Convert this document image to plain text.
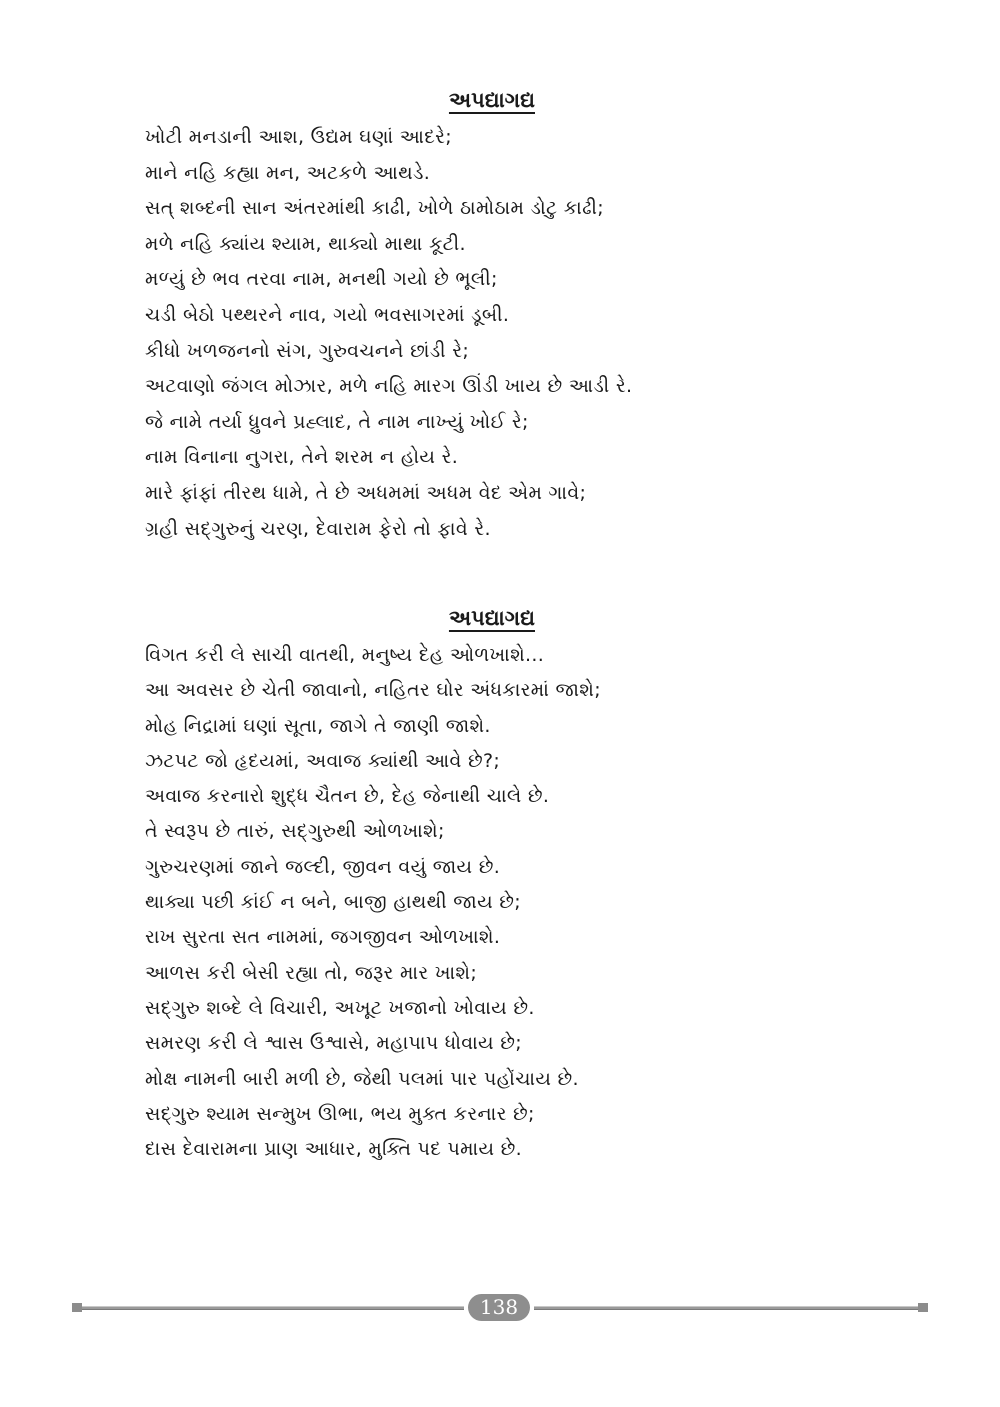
અપદ્યાગદ્ય
ખોટી મનડાની આશ, ઉદ્યમ ઘણાં આદરે;
માને નહિ કહ્યા મન, અટકળે આથડે.
સત્ શબ્દની સાન અંતરમાંથી કાઢી, ખોળે ઠામોઠામ ડોટુ કાઢી;
મળે નહિ ક્યાંય શ્યામ, થાક્યો માથા કૂટી.
મળ્યું છે ભવ તરવા નામ, મનથી ગયો છે ભૂલી;
ચડી બેઠો પથ્થરને નાવ, ગયો ભવસાગરમાં ડૂબી.
કીધો ખળજનનો સંગ, ગુરુવચનને છાંડી રે;
અટવાણો જંગલ મોઝાર, મળે નહિ મારગ ઊંડી ખાય છે આડી રે.
જે નામે તર્યા ધ્રુવને પ્રહ્લાદ, તે નામ નાખ્યું ખોઈ રે;
નામ વિનાના નુગરા, તેને શરમ ન હોય રે.
મારે ફાંફાં તીરથ ધામે, તે છે અધમમાં અધમ વેદ એમ ગાવે;
ગ્રહી સદ્‌ગુરુનું ચરણ, દેવારામ ફેરો તો ફાવે રે.
અપદ્યાગદ્ય
વિગત કરી લે સાચી વાતથી, મનુષ્ય દેહ ઓળખાશે...
આ અવસર છે ચેતી જાવાનો, નહિતર ઘોર અંધકારમાં જાશે;
મોહ નિદ્રામાં ઘણાં સૂતા, જાગે તે જાણી જાશે.
ઝટપટ જો હૃદયમાં, અવાજ ક્યાંથી આવે છે?;
અવાજ કરનારો શુદ્ધ ચૈતન છે, દેહ જેનાથી ચાલે છે.
તે સ્વરૂપ છે તારું, સદ્‌ગુરુથી ઓળખાશે;
ગુરુચરણમાં જાને જલ્દી, જીવન વયું જાય છે.
થાક્યા પછી કાંઈ ન બને, બાજી હાથથી જાય છે;
રાખ સુરતા સત નામમાં, જગજીવન ઓળખાશે.
આળસ કરી બેસી રહ્યા તો, જરૂર માર ખાશે;
સદ્‌ગુરુ શબ્દે લે વિચારી, અખૂટ ખજાનો ખોવાય છે.
સમરણ કરી લે શ્વાસ ઉશ્વાસે, મહાપાપ ધોવાય છે;
મોક્ષ નામની બારી મળી છે, જેથી પલમાં પાર પહોંચાય છે.
સદ્‌ગુરુ શ્યામ સન્મુખ ઊભા, ભય મુક્ત કરનાર છે;
દાસ દેવારામના પ્રાણ આધાર, મુક્તિ પદ પમાય છે.
138
